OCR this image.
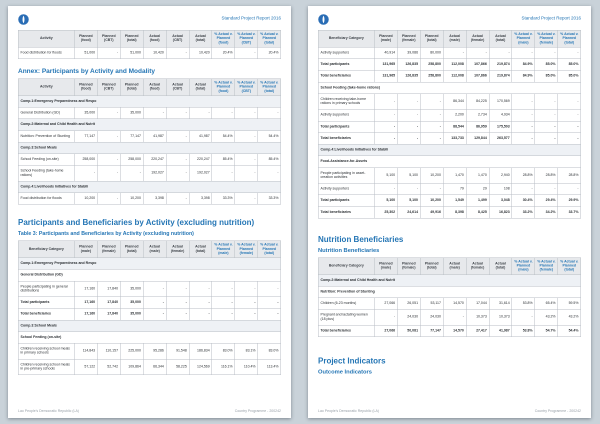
Standard Project Report 2016
Activity	Planned (food)	Planned (CBT)	Planned (total)	Actual (food)	Actual (CBT)	Actual (total)	% Actual v. Planned (food)	% Actual v. Planned (CBT)	% Actual v. Planned (total)
Food distribution for floods	51,000	-	51,000	10,420	-	10,420	20.4%	-	20.4%
Annex: Participants by Activity and Modality
Activity	Planned (food)	Planned (CBT)	Planned (total)	Actual (food)	Actual (CBT)	Actual (total)	% Actual v. Planned (food)	% Actual v. Planned (CBT)	% Actual v. Planned (total)
Comp.1:Emergency Preparedness and Respo									
General Distribution (GD)	35,000	-	35,000	-	-	-	-	-	-
Comp.2:Maternal and Child Health and Nutrit									
Nutrition: Prevention of Stunting	77,147	-	77,147	41,987	-	41,987	54.4%	-	54.4%
Comp.3:School Meals									
School Feeding (on-site)	258,000	-	258,000	220,247	-	220,247	85.4%	-	85.4%
School Feeding (take-home rations)	-	-	-	192,027	-	192,027	-	-	-
Comp.4:Livelihoods Initiatives for Stabili									
Food distribution for floods	10,200	-	10,200	3,398	-	3,398	33.3%	-	33.3%
Participants and Beneficiaries by Activity (excluding nutrition)
Table 3: Participants and Beneficiaries by Activity (excluding nutrition)
Beneficiary Category	Planned (male)	Planned (female)	Planned (total)	Actual (male)	Actual (female)	Actual (total)	% Actual v. Planned (male)	% Actual v. Planned (female)	% Actual v. Planned (total)
Comp.1:Emergency Preparedness and Respo									
General Distribution (GD)									
People participating in general distributions	17,160	17,840	35,000	-	-	-	-	-	-
Total participants	17,160	17,840	35,000	-	-	-	-	-	-
Total beneficiaries	17,160	17,840	35,000	-	-	-	-	-	-
Comp.3:School Meals									
School Feeding (on-site)									
Children receiving school meals in primary schools	114,843	110,157	225,000	95,286	91,548	186,834	83.0%	83.1%	83.0%
Children receiving school meals in pre-primary schools	57,122	52,742	109,864	66,344	58,225	124,569	116.1%	110.4%	113.4%
Lao People's Democratic Republic (LA)	Country Programme - 200242
Standard Project Report 2016
Beneficiary Category	Planned (male)	Planned (female)	Planned (total)	Actual (male)	Actual (female)	Actual (total)	% Actual v. Planned (male)	% Actual v. Planned (female)	% Actual v. Planned (total)
Activity supporters	40,914	39,086	80,000	-	-	-	-	-	-
Total participants	131,965	126,835	258,800	112,008	107,866	219,874	84.9%	85.0%	85.0%
Total beneficiaries	131,965	126,835	258,800	112,008	107,866	219,874	84.9%	85.0%	85.0%
School Feeding (take-home rations)									
Children receiving take-home rations in primary schools	-	-	-	86,344	84,225	170,569	-	-	-
Activity supporters	-	-	-	2,200	2,734	4,934	-	-	-
Total participants	-	-	-	88,544	86,959	175,503	-	-	-
Total beneficiaries	-	-	-	133,733	129,844	263,577	-	-	-
Comp.4:Livelihoods Initiatives for Stabili									
Food-Assistance-for-Assets									
People participating in asset-creation activities	5,100	5,100	10,200	1,470	1,470	2,940	28.8%	28.8%	28.8%
Activity supporters	-	-	-	79	29	108	-	-	-
Total participants	5,100	5,100	10,200	1,549	1,499	3,048	30.4%	29.4%	29.9%
Total beneficiaries	25,302	24,614	49,916	8,398	8,425	16,823	33.2%	34.2%	33.7%
Nutrition Beneficiaries
Nutrition Beneficiaries
Beneficiary Category	Planned (male)	Planned (female)	Planned (total)	Actual (male)	Actual (female)	Actual (total)	% Actual v. Planned (male)	% Actual v. Planned (female)	% Actual v. Planned (total)
Comp.2:Maternal and Child Health and Nutrit									
Nutrition: Prevention of Stunting									
Children (6-23 months)	27,066	26,051	53,117	14,570	17,044	31,614	53.8%	65.4%	59.5%
Pregnant and lactating women (18 plus)	-	24,030	24,030	-	10,373	10,373	-	43.2%	43.2%
Total beneficiaries	27,066	50,081	77,147	14,570	27,417	41,987	53.8%	54.7%	54.4%
Project Indicators
Outcome Indicators
Lao People's Democratic Republic (LA)	Country Programme - 200242
